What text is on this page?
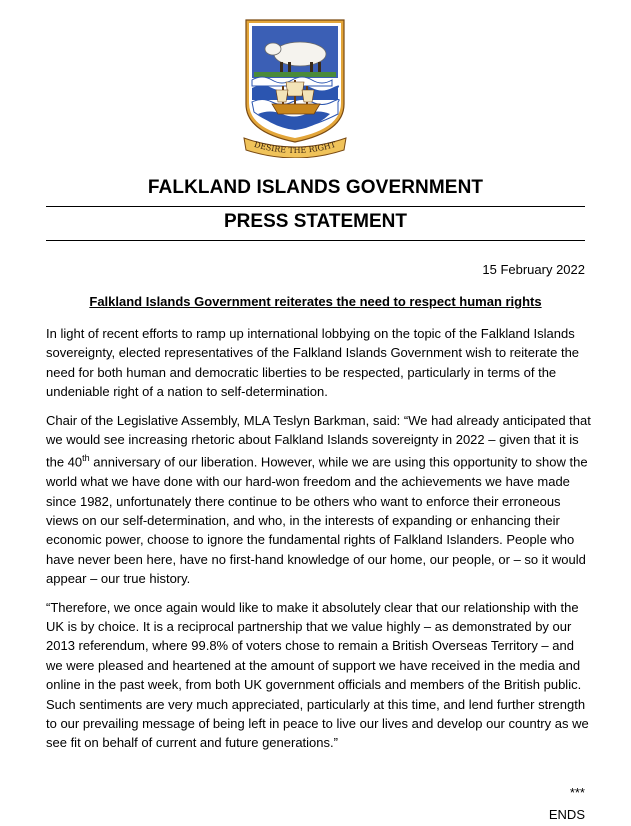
DESIRE THE RIGHT
FALKLAND ISLANDS GOVERNMENT
PRESS STATEMENT
15 February 2022
Falkland Islands Government reiterates the need to respect human rights

In light of recent efforts to ramp up international lobbying on the topic of the Falkland Islands sovereignty, elected representatives of the Falkland Islands Government wish to reiterate the need for both human and democratic liberties to be respected, particularly in terms of the undeniable right of a nation to self-determination.

Chair of the Legislative Assembly, MLA Teslyn Barkman, said: “We had already anticipated that we would see increasing rhetoric about Falkland Islands sovereignty in 2022 – given that it is the 40th anniversary of our liberation. However, while we are using this opportunity to show the world what we have done with our hard-won freedom and the achievements we have made since 1982, unfortunately there continue to be others who want to enforce their erroneous views on our self-determination, and who, in the interests of expanding or enhancing their economic power, choose to ignore the fundamental rights of Falkland Islanders. People who have never been here, have no first-hand knowledge of our home, our people, or – so it would appear – our true history.

“Therefore, we once again would like to make it absolutely clear that our relationship with the UK is by choice. It is a reciprocal partnership that we value highly – as demonstrated by our 2013 referendum, where 99.8% of voters chose to remain a British Overseas Territory – and we were pleased and heartened at the amount of support we have received in the media and online in the past week, from both UK government officials and members of the British public. Such sentiments are very much appreciated, particularly at this time, and lend further strength to our prevailing message of being left in peace to live our lives and develop our country as we see fit on behalf of current and future generations.”

***
ENDS
